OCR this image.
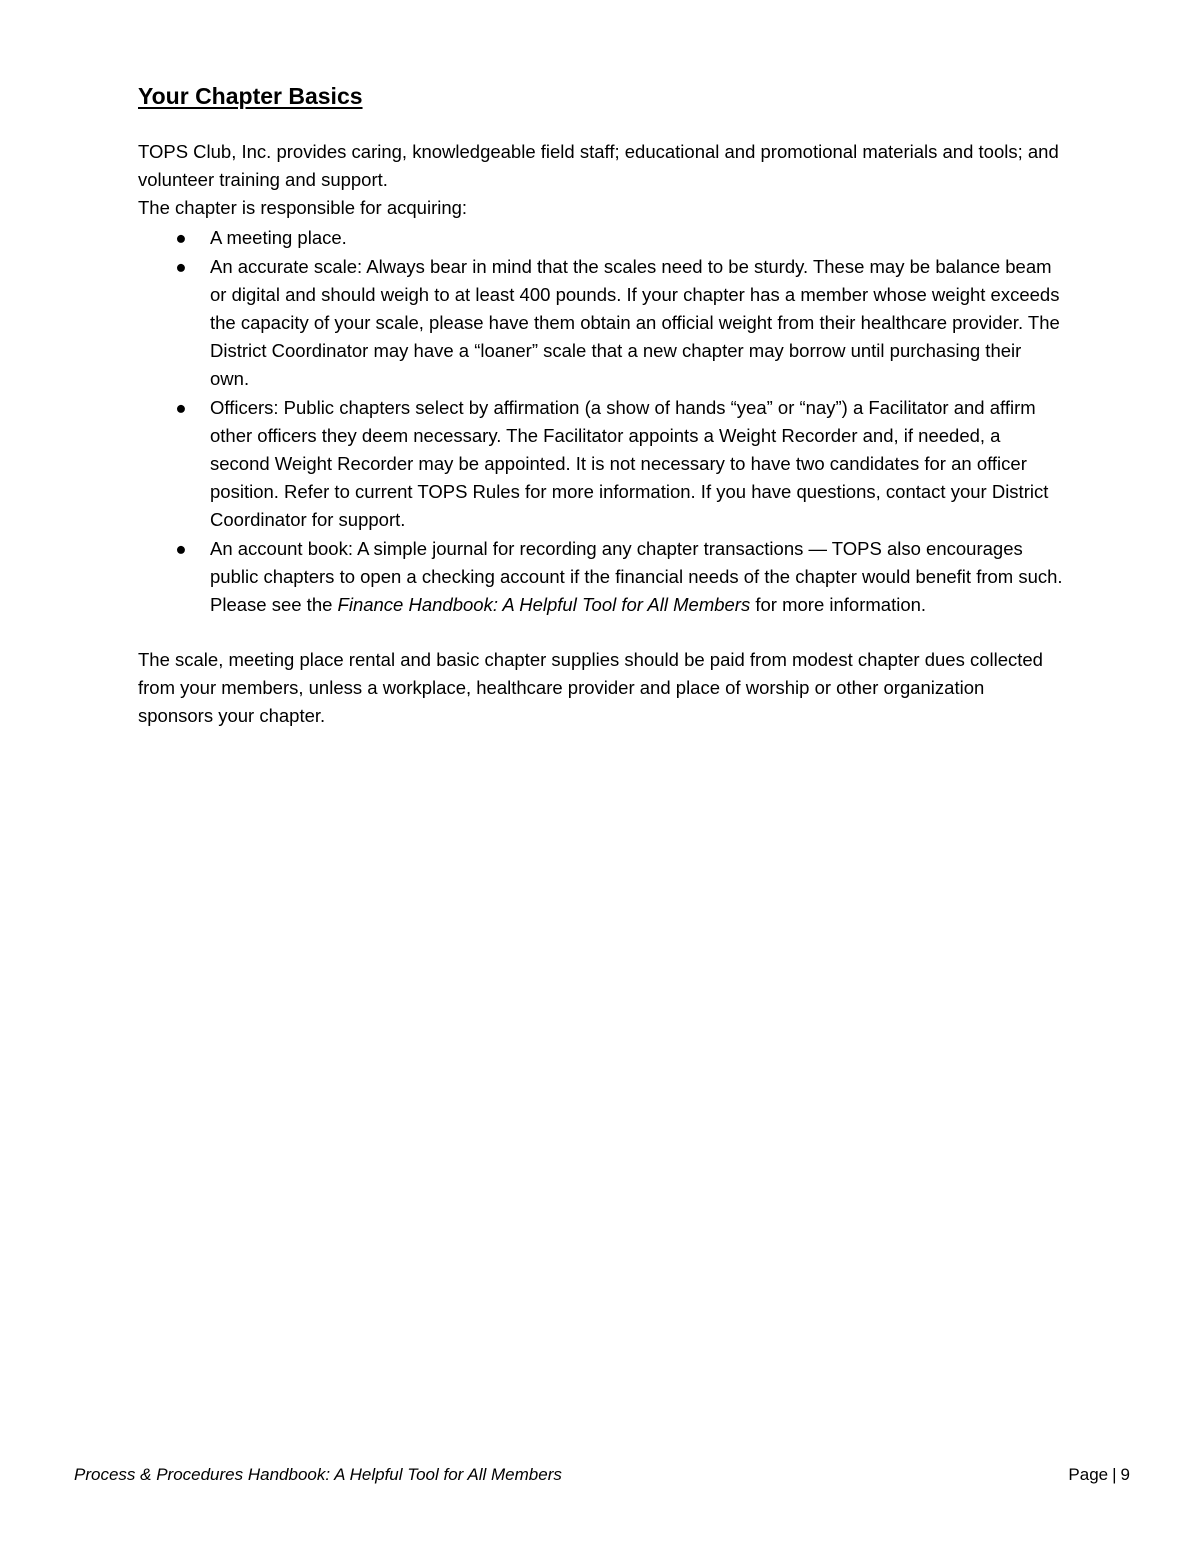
Your Chapter Basics

TOPS Club, Inc. provides caring, knowledgeable field staff; educational and promotional materials and tools; and volunteer training and support.

The chapter is responsible for acquiring:

● A meeting place.
● An accurate scale: Always bear in mind that the scales need to be sturdy. These may be balance beam or digital and should weigh to at least 400 pounds. If your chapter has a member whose weight exceeds the capacity of your scale, please have them obtain an official weight from their healthcare provider. The District Coordinator may have a “loaner” scale that a new chapter may borrow until purchasing their own.
● Officers: Public chapters select by affirmation (a show of hands “yea” or “nay”) a Facilitator and affirm other officers they deem necessary. The Facilitator appoints a Weight Recorder and, if needed, a second Weight Recorder may be appointed. It is not necessary to have two candidates for an officer position. Refer to current TOPS Rules for more information. If you have questions, contact your District Coordinator for support.
● An account book: A simple journal for recording any chapter transactions — TOPS also encourages public chapters to open a checking account if the financial needs of the chapter would benefit from such. Please see the Finance Handbook: A Helpful Tool for All Members for more information.

The scale, meeting place rental and basic chapter supplies should be paid from modest chapter dues collected from your members, unless a workplace, healthcare provider and place of worship or other organization sponsors your chapter.

Process & Procedures Handbook: A Helpful Tool for All Members	Page | 9
